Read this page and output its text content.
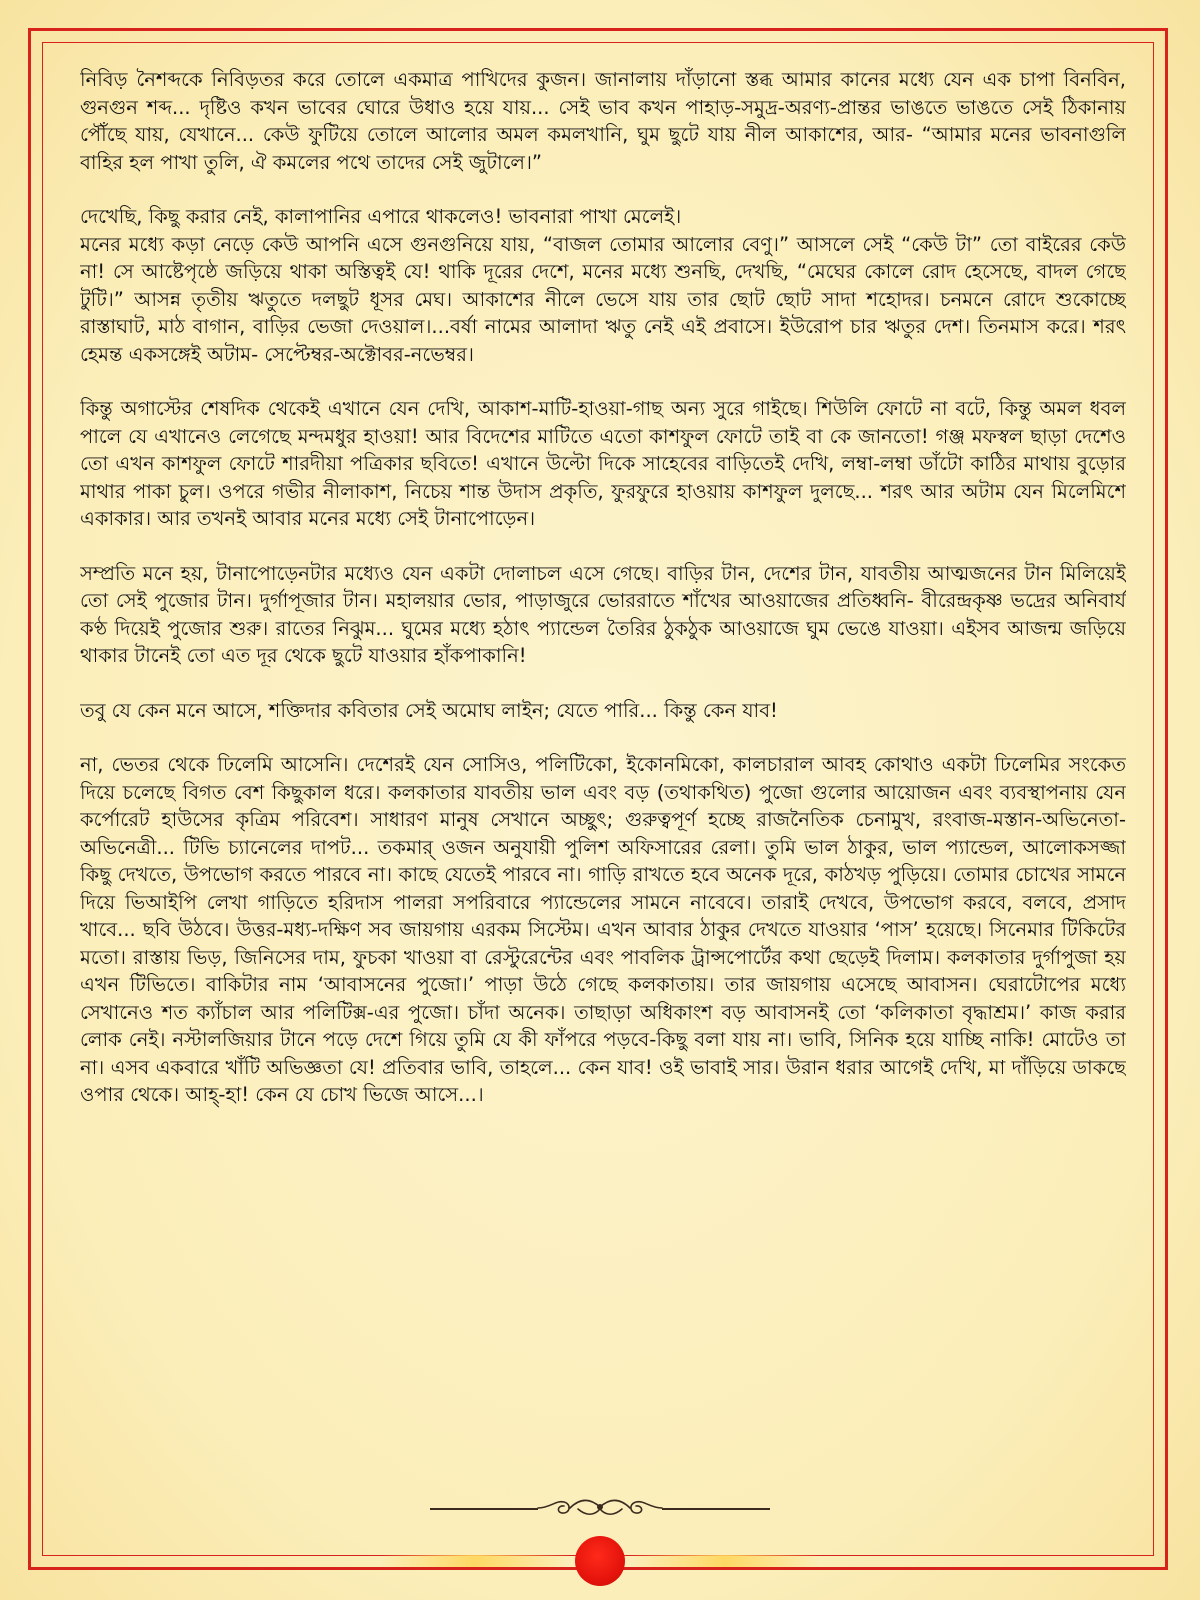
নিবিড় নৈশব্দকে নিবিড়তর করে তোলে একমাত্র পাখিদের কুজন। জানালায় দাঁড়ানো স্তব্ধ আমার কানের মধ্যে যেন এক চাপা বিনবিন, গুনগুন শব্দ... দৃষ্টিও কখন ভাবের ঘোরে উধাও হয়ে যায়... সেই ভাব কখন পাহাড়-সমুদ্র-অরণ্য-প্রান্তর ভাঙতে ভাঙতে সেই ঠিকানায় পৌঁছে যায়, যেখানে... কেউ ফুটিয়ে তোলে আলোর অমল কমলখানি, ঘুম ছুটে যায় নীল আকাশের, আর- “আমার মনের ভাবনাগুলি বাহির হল পাখা তুলি, ঐ কমলের পথে তাদের সেই জুটালে।”

দেখেছি, কিছু করার নেই, কালাপানির এপারে থাকলেও! ভাবনারা পাখা মেলেই।

মনের মধ্যে কড়া নেড়ে কেউ আপনি এসে গুনগুনিয়ে যায়, “বাজল তোমার আলোর বেণু।” আসলে সেই “কেউ টা” তো বাইরের কেউ না! সে আষ্টেপৃষ্ঠে জড়িয়ে থাকা অস্তিত্বই যে! থাকি দূরের দেশে, মনের মধ্যে শুনছি, দেখছি, “মেঘের কোলে রোদ হেসেছে, বাদল গেছে টুটি।” আসন্ন তৃতীয় ঋতুতে দলছুট ধূসর মেঘ। আকাশের নীলে ভেসে যায় তার ছোট ছোট সাদা শহোদর। চনমনে রোদে শুকোচ্ছে রাস্তাঘাট, মাঠ বাগান, বাড়ির ভেজা দেওয়াল।...বর্ষা নামের আলাদা ঋতু নেই এই প্রবাসে। ইউরোপ চার ঋতুর দেশ। তিনমাস করে। শরৎ হেমন্ত একসঙ্গেই অটাম- সেপ্টেম্বর-অক্টোবর-নভেম্বর।

কিন্তু অগাস্টের শেষদিক থেকেই এখানে যেন দেখি, আকাশ-মাটি-হাওয়া-গাছ অন্য সুরে গাইছে। শিউলি ফোটে না বটে, কিন্তু অমল ধবল পালে যে এখানেও লেগেছে মন্দমধুর হাওয়া! আর বিদেশের মাটিতে এতো কাশফুল ফোটে তাই বা কে জানতো! গঞ্জ মফস্বল ছাড়া দেশেও তো এখন কাশফুল ফোটে শারদীয়া পত্রিকার ছবিতে! এখানে উল্টো দিকে সাহেবের বাড়িতেই দেখি, লম্বা-লম্বা ডাঁটো কাঠির মাথায় বুড়োর মাথার পাকা চুল। ওপরে গভীর নীলাকাশ, নিচেয় শান্ত উদাস প্রকৃতি, ফুরফুরে হাওয়ায় কাশফুল দুলছে... শরৎ আর অটাম যেন মিলেমিশে একাকার। আর তখনই আবার মনের মধ্যে সেই টানাপোড়েন।

সম্প্রতি মনে হয়, টানাপোড়েনটার মধ্যেও যেন একটা দোলাচল এসে গেছে। বাড়ির টান, দেশের টান, যাবতীয় আত্মজনের টান মিলিয়েই তো সেই পুজোর টান। দুর্গাপূজার টান। মহালয়ার ভোর, পাড়াজুরে ভোররাতে শাঁখের আওয়াজের প্রতিধ্বনি- বীরেন্দ্রকৃষ্ণ ভদ্রের অনিবার্য কণ্ঠ দিয়েই পুজোর শুরু। রাতের নিঝুম... ঘুমের মধ্যে হঠাৎ প্যান্ডেল তৈরির ঠুকঠুক আওয়াজে ঘুম ভেঙে যাওয়া। এইসব আজন্ম জড়িয়ে থাকার টানেই তো এত দূর থেকে ছুটে যাওয়ার হাঁকপাকানি!

তবু যে কেন মনে আসে, শক্তিদার কবিতার সেই অমোঘ লাইন; যেতে পারি... কিন্তু কেন যাব!

না, ভেতর থেকে ঢিলেমি আসেনি। দেশেরই যেন সোসিও, পলিটিকো, ইকোনমিকো, কালচারাল আবহ কোথাও একটা ঢিলেমির সংকেত দিয়ে চলেছে বিগত বেশ কিছুকাল ধরে। কলকাতার যাবতীয় ভাল এবং বড় (তথাকথিত) পুজো গুলোর আয়োজন এবং ব্যবস্থাপনায় যেন কর্পোরেট হাউসের কৃত্রিম পরিবেশ। সাধারণ মানুষ সেখানে অচ্ছুৎ; গুরুত্বপূর্ণ হচ্ছে রাজনৈতিক চেনামুখ, রংবাজ-মস্তান-অভিনেতা-অভিনেত্রী... টিভি চ্যানেলের দাপট... তকমার্ ওজন অনুযায়ী পুলিশ অফিসারের রেলা। তুমি ভাল ঠাকুর, ভাল প্যান্ডেল, আলোকসজ্জা কিছু দেখতে, উপভোগ করতে পারবে না। কাছে যেতেই পারবে না। গাড়ি রাখতে হবে অনেক দূরে, কাঠখড় পুড়িয়ে। তোমার চোখের সামনে দিয়ে ভিআইপি লেখা গাড়িতে হরিদাস পালরা সপরিবারে প্যান্ডেলের সামনে নাবেবে। তারাই দেখবে, উপভোগ করবে, বলবে, প্রসাদ খাবে... ছবি উঠবে। উত্তর-মধ্য-দক্ষিণ সব জায়গায় এরকম সিস্টেম। এখন আবার ঠাকুর দেখতে যাওয়ার ‘পাস’ হয়েছে। সিনেমার টিকিটের মতো। রাস্তায় ভিড়, জিনিসের দাম, ফুচকা খাওয়া বা রেস্টুরেন্টের এবং পাবলিক ট্রান্সপোর্টের কথা ছেড়েই দিলাম। কলকাতার দুর্গাপুজা হয় এখন টিভিতে। বাকিটার নাম ‘আবাসনের পুজো।’ পাড়া উঠে গেছে কলকাতায়। তার জায়গায় এসেছে আবাসন। ঘেরাটোপের মধ্যে সেখানেও শত ক্যাঁচাল আর পলিটিক্স-এর পুজো। চাঁদা অনেক। তাছাড়া অধিকাংশ বড় আবাসনই তো ‘কলিকাতা বৃদ্ধাশ্রম।’ কাজ করার লোক নেই। নস্টালজিয়ার টানে পড়ে দেশে গিয়ে তুমি যে কী ফাঁপরে পড়বে-কিছু বলা যায় না। ভাবি, সিনিক হয়ে যাচ্ছি নাকি! মোটেও তা না। এসব একবারে খাঁটি অভিজ্ঞতা যে! প্রতিবার ভাবি, তাহলে... কেন যাব! ওই ভাবাই সার। উরান ধরার আগেই দেখি, মা দাঁড়িয়ে ডাকছে ওপার থেকে। আহ্-হা! কেন যে চোখ ভিজে আসে...।
